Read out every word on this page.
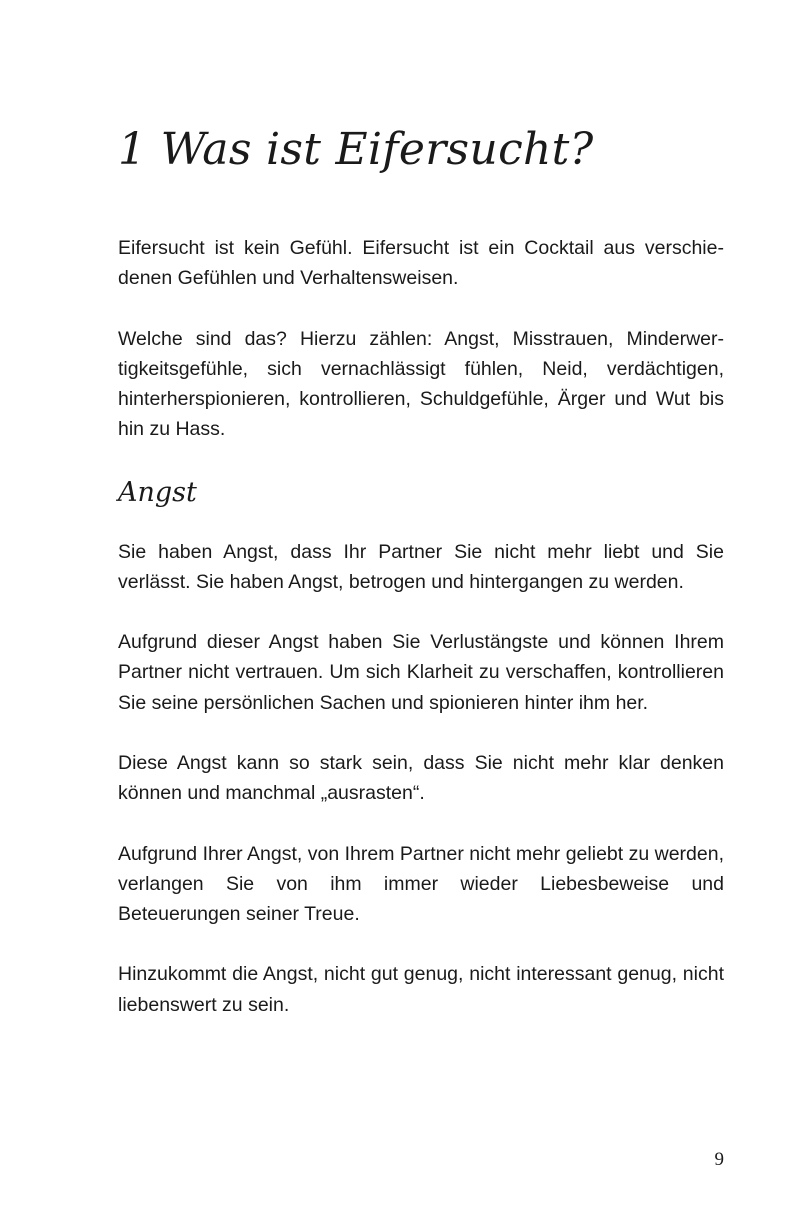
1 Was ist Eifersucht?

Eifersucht ist kein Gefühl. Eifersucht ist ein Cocktail aus verschiedenen Gefühlen und Verhaltensweisen.

Welche sind das? Hierzu zählen: Angst, Misstrauen, Minderwertigkeitsgefühle, sich vernachlässigt fühlen, Neid, verdächtigen, hinterherspionieren, kontrollieren, Schuldgefühle, Ärger und Wut bis hin zu Hass.

Angst

Sie haben Angst, dass Ihr Partner Sie nicht mehr liebt und Sie verlässt. Sie haben Angst, betrogen und hintergangen zu werden.

Aufgrund dieser Angst haben Sie Verlustängste und können Ihrem Partner nicht vertrauen. Um sich Klarheit zu verschaffen, kontrollieren Sie seine persönlichen Sachen und spionieren hinter ihm her.

Diese Angst kann so stark sein, dass Sie nicht mehr klar denken können und manchmal „ausrasten“.

Aufgrund Ihrer Angst, von Ihrem Partner nicht mehr geliebt zu werden, verlangen Sie von ihm immer wieder Liebesbeweise und Beteuerungen seiner Treue.

Hinzukommt die Angst, nicht gut genug, nicht interessant genug, nicht liebenswert zu sein.

9
